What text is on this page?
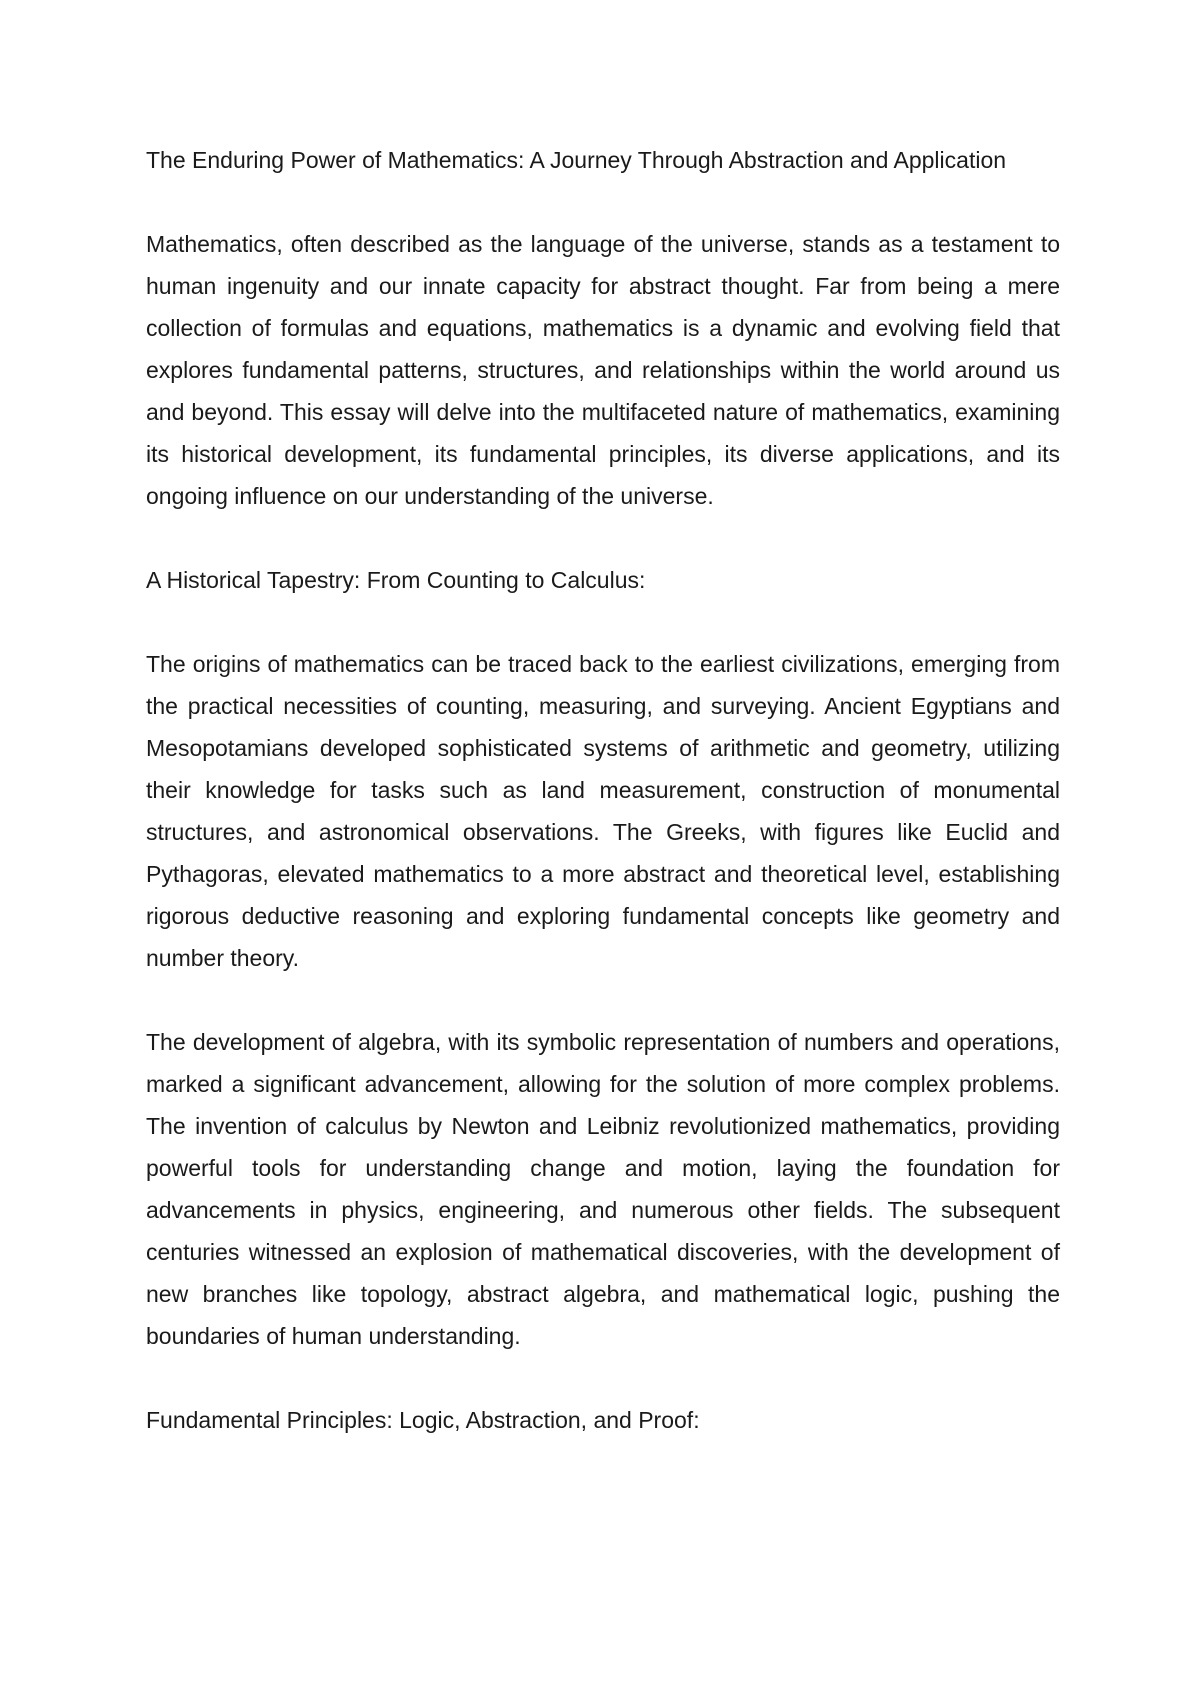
The Enduring Power of Mathematics: A Journey Through Abstraction and Application

Mathematics, often described as the language of the universe, stands as a testament to human ingenuity and our innate capacity for abstract thought. Far from being a mere collection of formulas and equations, mathematics is a dynamic and evolving field that explores fundamental patterns, structures, and relationships within the world around us and beyond. This essay will delve into the multifaceted nature of mathematics, examining its historical development, its fundamental principles, its diverse applications, and its ongoing influence on our understanding of the universe.

A Historical Tapestry: From Counting to Calculus:

The origins of mathematics can be traced back to the earliest civilizations, emerging from the practical necessities of counting, measuring, and surveying. Ancient Egyptians and Mesopotamians developed sophisticated systems of arithmetic and geometry, utilizing their knowledge for tasks such as land measurement, construction of monumental structures, and astronomical observations. The Greeks, with figures like Euclid and Pythagoras, elevated mathematics to a more abstract and theoretical level, establishing rigorous deductive reasoning and exploring fundamental concepts like geometry and number theory.

The development of algebra, with its symbolic representation of numbers and operations, marked a significant advancement, allowing for the solution of more complex problems. The invention of calculus by Newton and Leibniz revolutionized mathematics, providing powerful tools for understanding change and motion, laying the foundation for advancements in physics, engineering, and numerous other fields. The subsequent centuries witnessed an explosion of mathematical discoveries, with the development of new branches like topology, abstract algebra, and mathematical logic, pushing the boundaries of human understanding.

Fundamental Principles: Logic, Abstraction, and Proof:
